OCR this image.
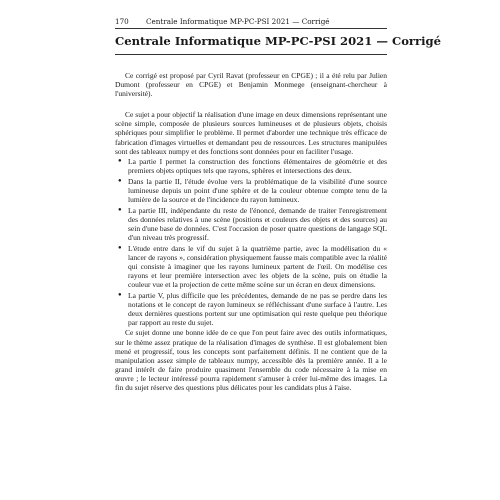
170	Centrale Informatique MP-PC-PSI 2021 — Corrigé
Centrale Informatique MP-PC-PSI 2021 — Corrigé

Ce corrigé est proposé par Cyril Ravat (professeur en CPGE) ; il a été relu par Julien Dumont (professeur en CPGE) et Benjamin Monmege (enseignant-chercheur à l'université).

Ce sujet a pour objectif la réalisation d'une image en deux dimensions représentant une scène simple, composée de plusieurs sources lumineuses et de plusieurs objets, choisis sphériques pour simplifier le problème. Il permet d'aborder une technique très efficace de fabrication d'images virtuelles et demandant peu de ressources. Les structures manipulées sont des tableaux numpy et des fonctions sont données pour en faciliter l'usage.

● La partie I permet la construction des fonctions élémentaires de géométrie et des premiers objets optiques tels que rayons, sphères et intersections des deux.
● Dans la partie II, l'étude évolue vers la problématique de la visibilité d'une source lumineuse depuis un point d'une sphère et de la couleur obtenue compte tenu de la lumière de la source et de l'incidence du rayon lumineux.
● La partie III, indépendante du reste de l'énoncé, demande de traiter l'enregistrement des données relatives à une scène (positions et couleurs des objets et des sources) au sein d'une base de données. C'est l'occasion de poser quatre questions de langage SQL d'un niveau très progressif.
● L'étude entre dans le vif du sujet à la quatrième partie, avec la modélisation du « lancer de rayons », considération physiquement fausse mais compatible avec la réalité qui consiste à imaginer que les rayons lumineux partent de l'œil. On modélise ces rayons et leur première intersection avec les objets de la scène, puis on étudie la couleur vue et la projection de cette même scène sur un écran en deux dimensions.
● La partie V, plus difficile que les précédentes, demande de ne pas se perdre dans les notations et le concept de rayon lumineux se réfléchissant d'une surface à l'autre. Les deux dernières questions portent sur une optimisation qui reste quelque peu théorique par rapport au reste du sujet.

Ce sujet donne une bonne idée de ce que l'on peut faire avec des outils informatiques, sur le thème assez pratique de la réalisation d'images de synthèse. Il est globalement bien mené et progressif, tous les concepts sont parfaitement définis. Il ne contient que de la manipulation assez simple de tableaux numpy, accessible dès la première année. Il a le grand intérêt de faire produire quasiment l'ensemble du code nécessaire à la mise en œuvre ; le lecteur intéressé pourra rapidement s'amuser à créer lui-même des images. La fin du sujet réserve des questions plus délicates pour les candidats plus à l'aise.
